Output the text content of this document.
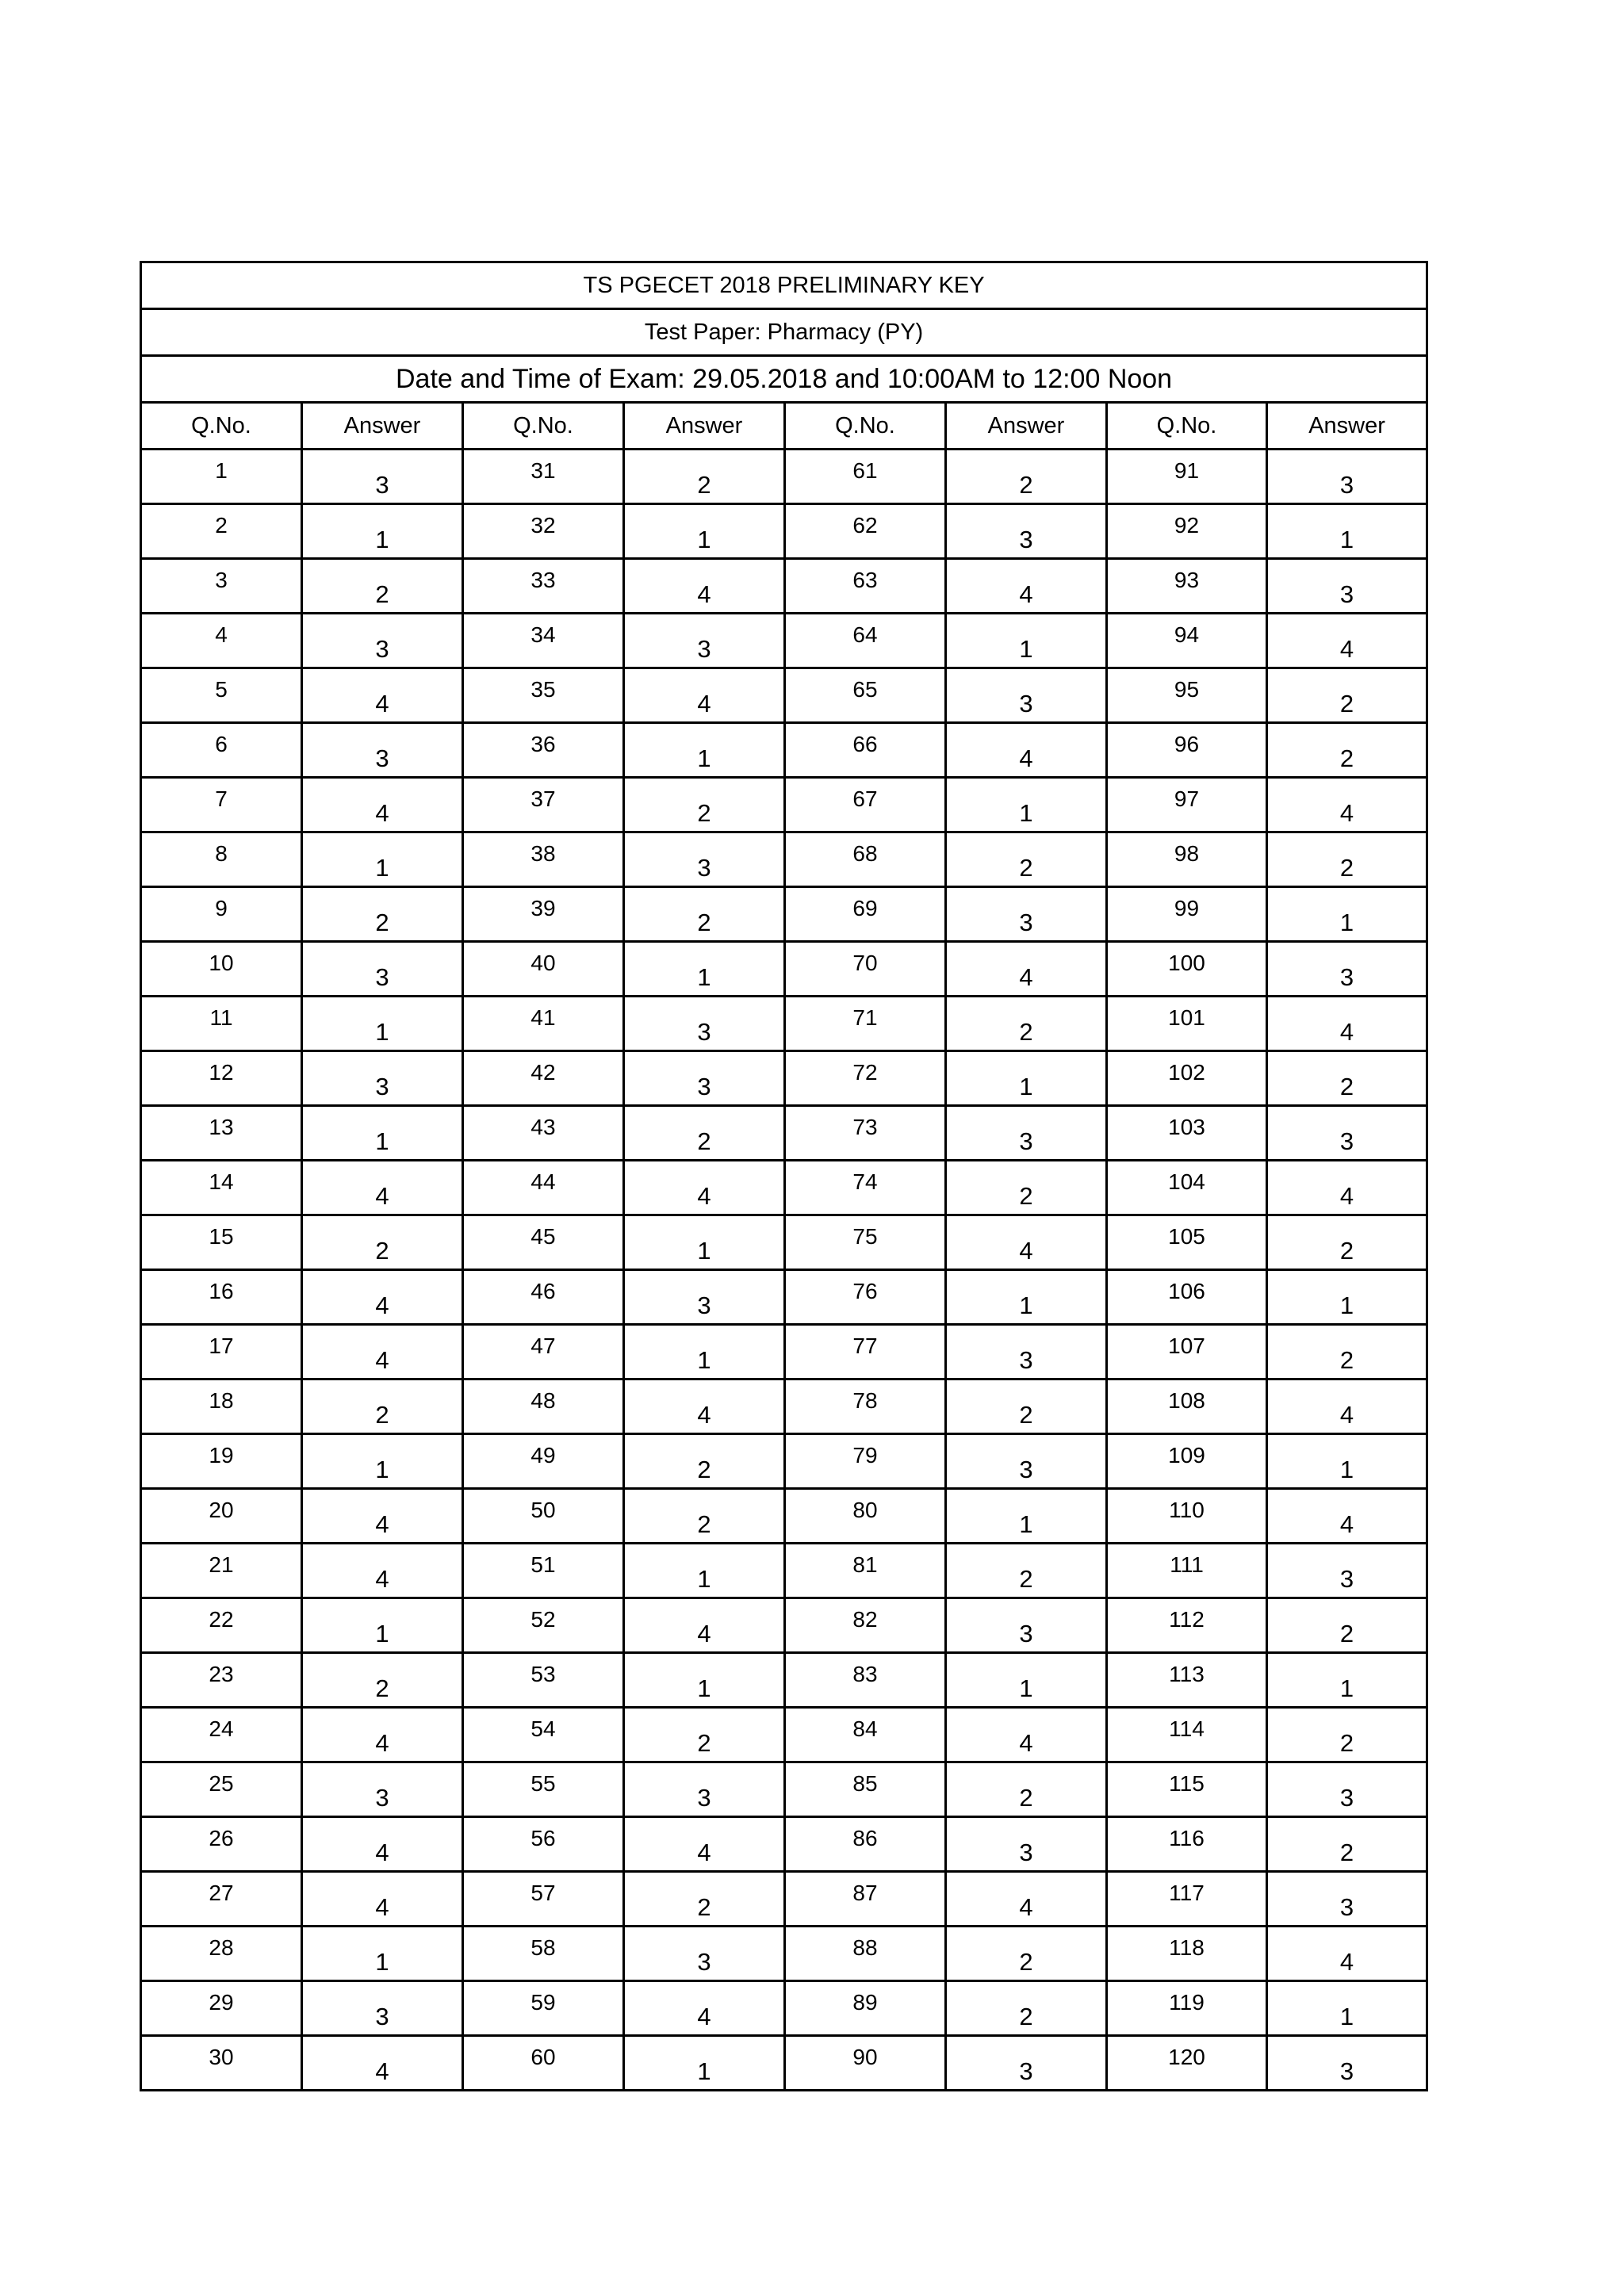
TS PGECET 2018 PRELIMINARY KEY							
Test Paper: Pharmacy (PY)							
Date and Time of Exam: 29.05.2018 and 10:00AM to 12:00 Noon							
Q.No.	Answer	Q.No.	Answer	Q.No.	Answer	Q.No.	Answer
1	3	31	2	61	2	91	3
2	1	32	1	62	3	92	1
3	2	33	4	63	4	93	3
4	3	34	3	64	1	94	4
5	4	35	4	65	3	95	2
6	3	36	1	66	4	96	2
7	4	37	2	67	1	97	4
8	1	38	3	68	2	98	2
9	2	39	2	69	3	99	1
10	3	40	1	70	4	100	3
11	1	41	3	71	2	101	4
12	3	42	3	72	1	102	2
13	1	43	2	73	3	103	3
14	4	44	4	74	2	104	4
15	2	45	1	75	4	105	2
16	4	46	3	76	1	106	1
17	4	47	1	77	3	107	2
18	2	48	4	78	2	108	4
19	1	49	2	79	3	109	1
20	4	50	2	80	1	110	4
21	4	51	1	81	2	111	3
22	1	52	4	82	3	112	2
23	2	53	1	83	1	113	1
24	4	54	2	84	4	114	2
25	3	55	3	85	2	115	3
26	4	56	4	86	3	116	2
27	4	57	2	87	4	117	3
28	1	58	3	88	2	118	4
29	3	59	4	89	2	119	1
30	4	60	1	90	3	120	3
